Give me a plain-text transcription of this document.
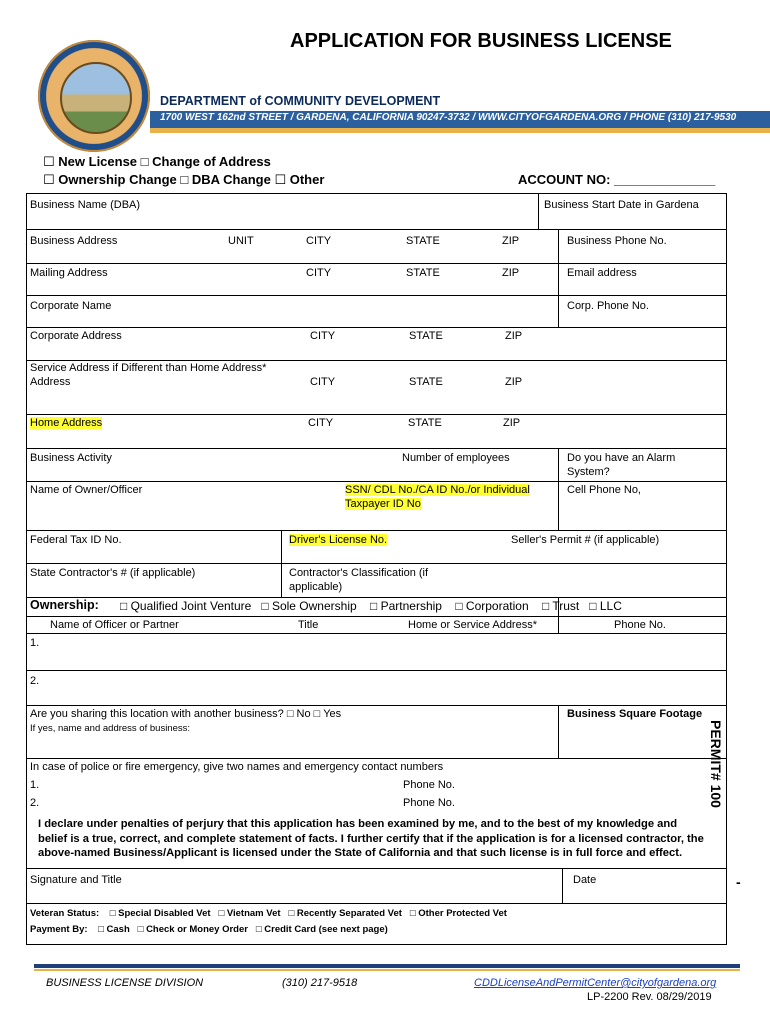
APPLICATION FOR BUSINESS LICENSE
DEPARTMENT of COMMUNITY DEVELOPMENT
1700 WEST 162nd STREET / GARDENA, CALIFORNIA 90247-3732 / WWW.CITYOFGARDENA.ORG / PHONE (310) 217-9530
☐ New License □ Change of Address
☐ Ownership Change □ DBA Change ☐ Other	ACCOUNT NO: ______________
Business Name (DBA)	Business Start Date in Gardena
Business Address	UNIT	CITY	STATE	ZIP	Business Phone No.
Mailing Address	CITY	STATE	ZIP	Email address
Corporate Name	Corp. Phone No.
Corporate Address	CITY	STATE	ZIP
Service Address if Different than Home Address*
Address	CITY	STATE	ZIP
Home Address	CITY	STATE	ZIP
Business Activity	Number of employees	Do you have an Alarm
System?
Name of Owner/Officer	SSN/ CDL No./CA ID No./or Individual
Taxpayer ID No
Cell Phone No,
Federal Tax ID No.	Driver's License No.	Seller's Permit # (if applicable)
State Contractor's # (if applicable)	Contractor's Classification (if
applicable)
Ownership: □ Qualified Joint Venture □ Sole Ownership □ Partnership □ Corporation □ Trust □ LLC
Name of Officer or Partner	Title	Home or Service Address*	Phone No.
1.
2.
Are you sharing this location with another business? □ No □ Yes
If yes, name and address of business:
Business Square Footage
In case of police or fire emergency, give two names and emergency contact numbers
1.	Phone No.
2.	Phone No.
I declare under penalties of perjury that this application has been examined by me, and to the best of my knowledge and belief is a true, correct, and complete statement of facts. I further certify that if the application is for a licensed contractor, the above-named Business/Applicant is licensed under the State of California and that such license is in full force and effect.
Signature and Title	Date
Veteran Status: □ Special Disabled Vet □ Vietnam Vet □ Recently Separated Vet □ Other Protected Vet
Payment By: □ Cash □ Check or Money Order □ Credit Card (see next page)
PERMIT# 100
-
BUSINESS LICENSE DIVISION	(310) 217-9518	CDDLicenseAndPermitCenter@cityofgardena.org
LP-2200 Rev. 08/29/2019
